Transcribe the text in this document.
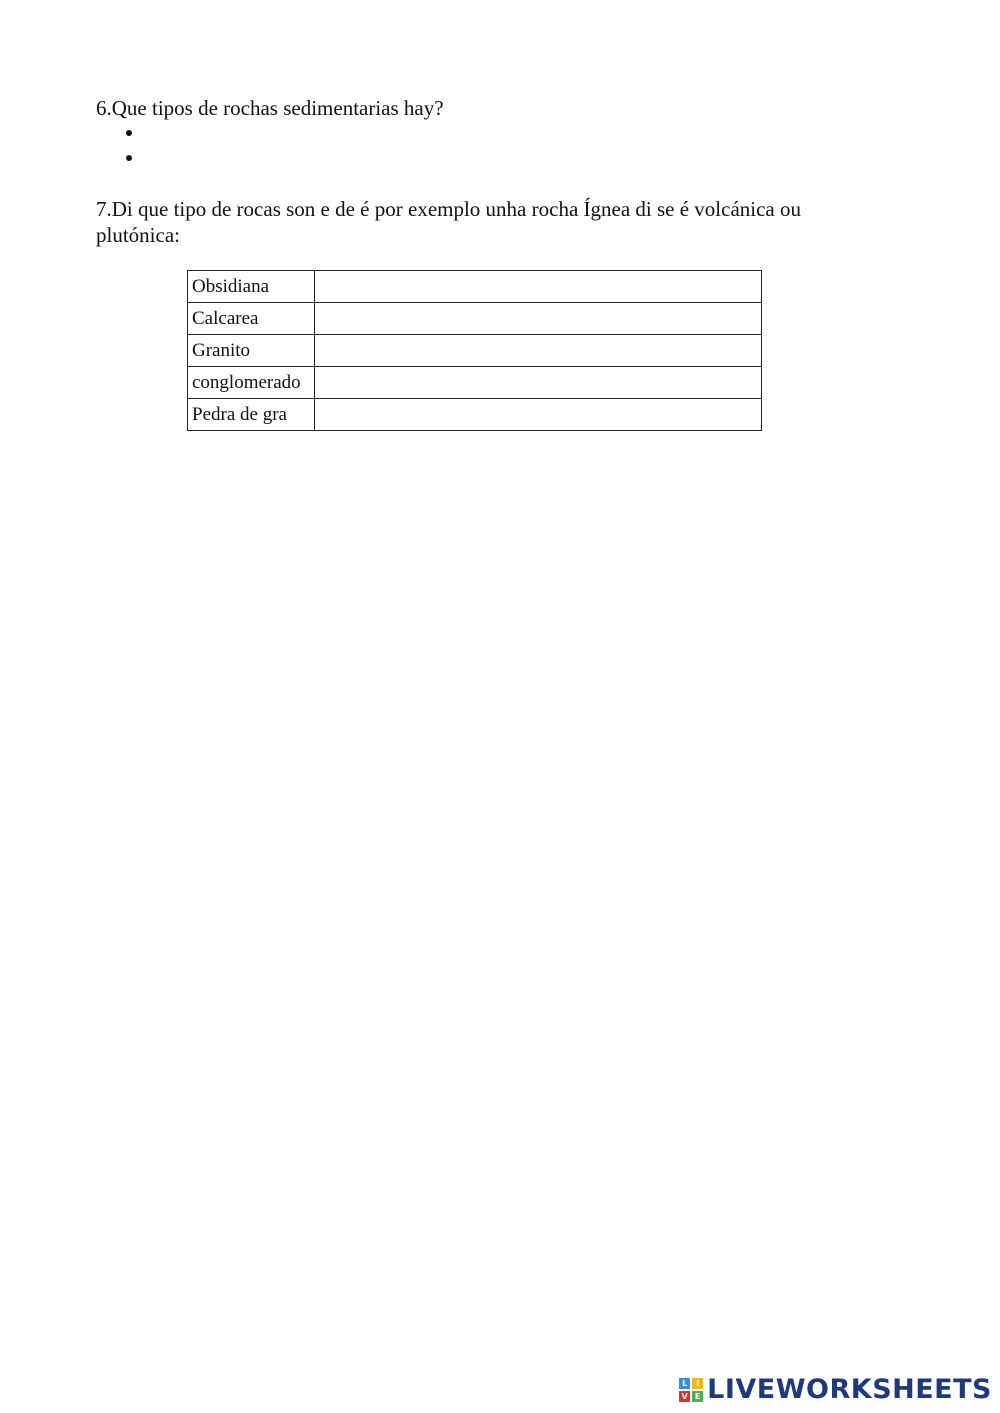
6.Que tipos de rochas sedimentarias hay?

7.Di que tipo de rocas son e de é por exemplo unha rocha Ígnea di se é volcánica ou plutónica:

Obsidiana	
Calcarea	
Granito	
conglomerado	
Pedra de gra	
L	I
V E LIVEWORKSHEETS
